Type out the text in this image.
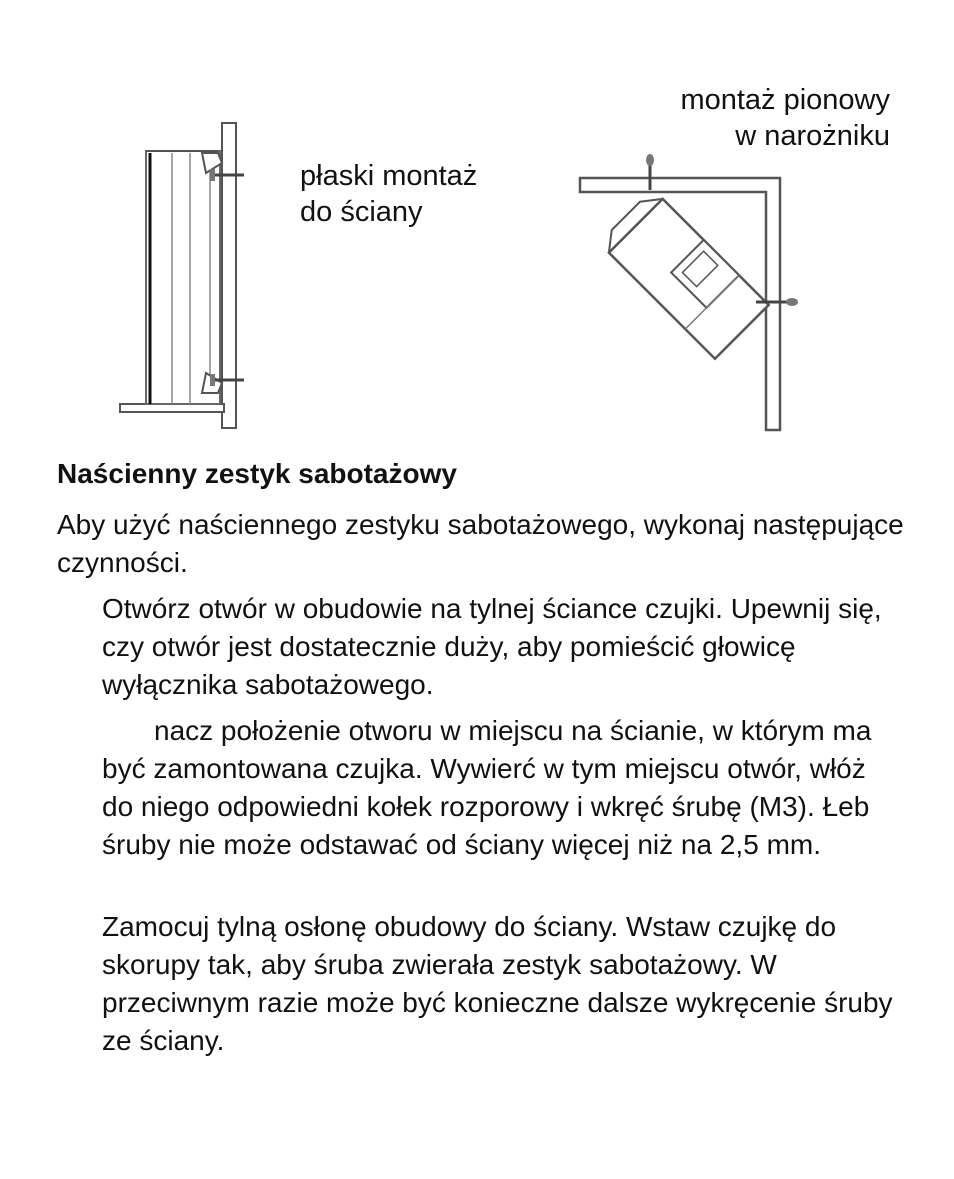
płaski montaż
do ściany
montaż pionowy
w narożniku
Naścienny zestyk sabotażowy

Aby użyć naściennego zestyku sabotażowego, wykonaj następujące czynności.

Otwórz otwór w obudowie na tylnej ściance czujki. Upewnij się, czy otwór jest dostatecznie duży, aby pomieścić głowicę wyłącznika sabotażowego.

nacz położenie otworu w miejscu na ścianie, w którym ma być zamontowana czujka. Wywierć w tym miejscu otwór, włóż do niego odpowiedni kołek rozporowy i wkręć śrubę (M3). Łeb śruby nie może odstawać od ściany więcej niż na 2,5 mm.

Zamocuj tylną osłonę obudowy do ściany. Wstaw czujkę do skorupy tak, aby śruba zwierała zestyk sabotażowy. W przeciwnym razie może być konieczne dalsze wykręcenie śruby ze ściany.
